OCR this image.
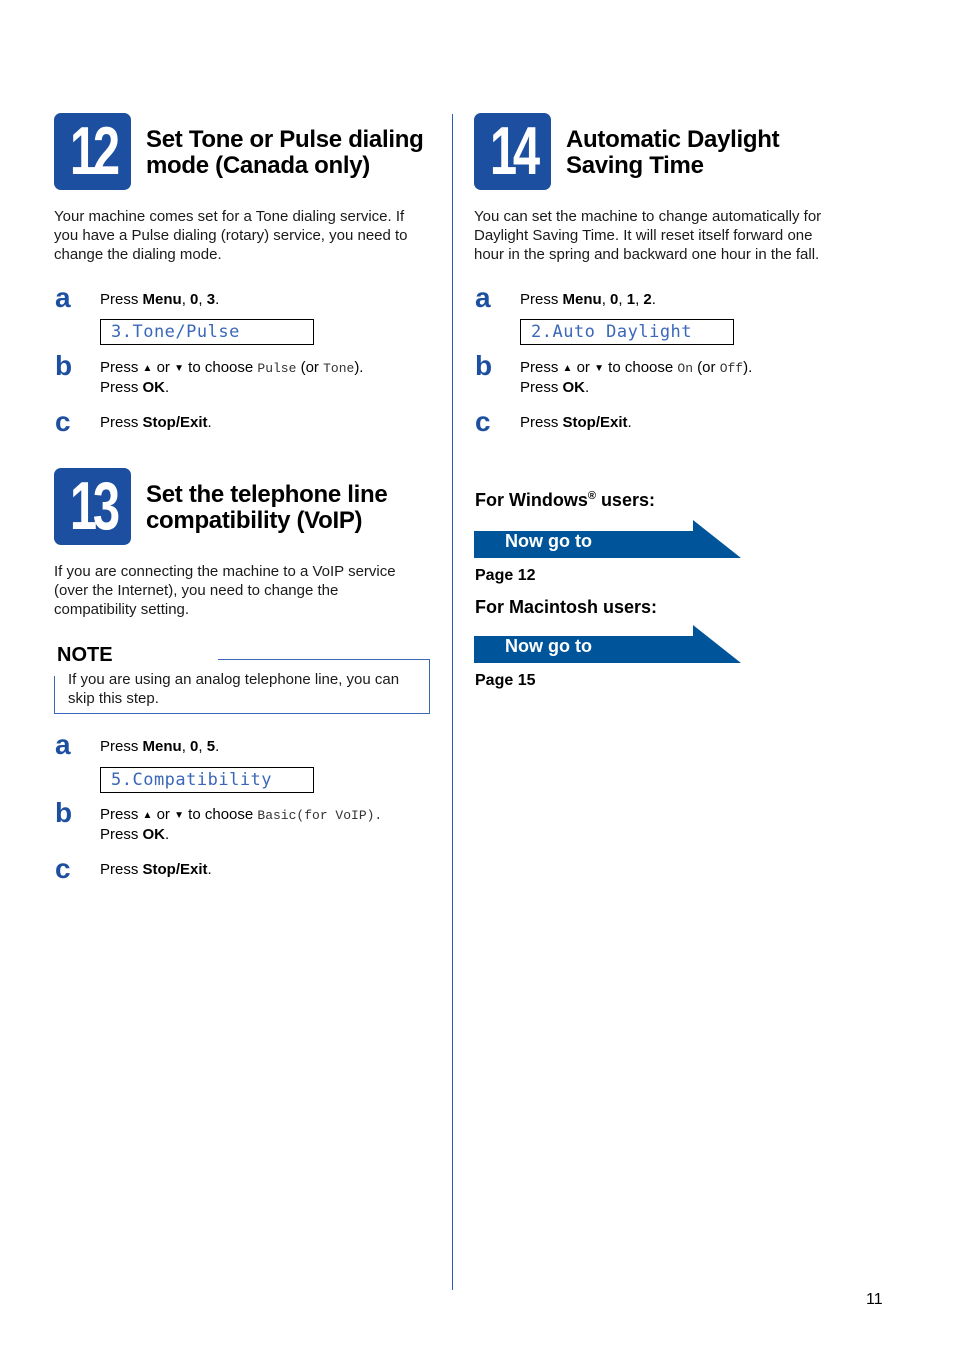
12	Set Tone or Pulse dialing
mode (Canada only)
Your machine comes set for a Tone dialing service. If
you have a Pulse dialing (rotary) service, you need to
change the dialing mode.
a Press Menu, 0, 3.
3.Tone/Pulse
b Press ▲ or ▼ to choose Pulse (or Tone).
Press OK.
c Press Stop/Exit.
13	Set the telephone line
compatibility (VoIP)
If you are connecting the machine to a VoIP service
(over the Internet), you need to change the
compatibility setting.
NOTE
If you are using an analog telephone line, you can
skip this step.
a Press Menu, 0, 5.
5.Compatibility
b Press ▲ or ▼ to choose Basic(for VoIP).
Press OK.
c Press Stop/Exit.
14	Automatic Daylight
Saving Time
You can set the machine to change automatically for
Daylight Saving Time. It will reset itself forward one
hour in the spring and backward one hour in the fall.
a Press Menu, 0, 1, 2.
2.Auto Daylight
b Press ▲ or ▼ to choose On (or Off).
Press OK.
c Press Stop/Exit.
For Windows® users:
Now go to
Page 12
For Macintosh users:
Now go to
Page 15
11
